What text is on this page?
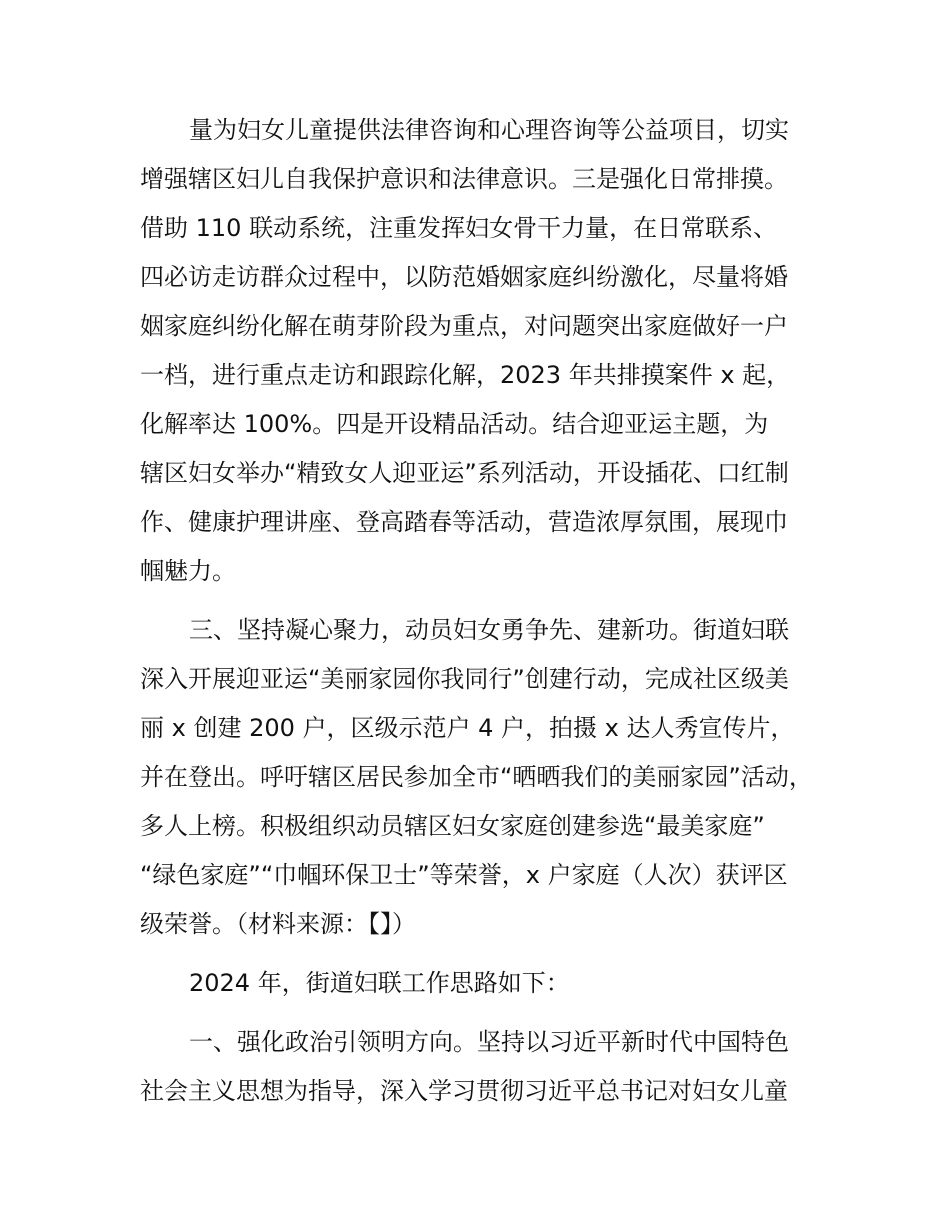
量为妇女儿童提供法律咨询和心理咨询等公益项目，切实
增强辖区妇儿自我保护意识和法律意识。三是强化日常排摸。
借助 110 联动系统，注重发挥妇女骨干力量，在日常联系、
四必访走访群众过程中，以防范婚姻家庭纠纷激化，尽量将婚
姻家庭纠纷化解在萌芽阶段为重点，对问题突出家庭做好一户
一档，进行重点走访和跟踪化解，2023 年共排摸案件 x 起，
化解率达 100%。四是开设精品活动。结合迎亚运主题，为
辖区妇女举办“精致女人迎亚运”系列活动，开设插花、口红制
作、健康护理讲座、登高踏春等活动，营造浓厚氛围，展现巾
帼魅力。

三、坚持凝心聚力，动员妇女勇争先、建新功。街道妇联
深入开展迎亚运“美丽家园你我同行”创建行动，完成社区级美
丽 x 创建 200 户，区级示范户 4 户，拍摄 x 达人秀宣传片，
并在登出。呼吁辖区居民参加全市“晒晒我们的美丽家园”活动，
多人上榜。积极组织动员辖区妇女家庭创建参选“最美家庭”
“绿色家庭”“巾帼环保卫士”等荣誉，x 户家庭（人次）获评区
级荣誉。（材料来源：【】）

2024 年，街道妇联工作思路如下：

一、强化政治引领明方向。坚持以习近平新时代中国特色
社会主义思想为指导，深入学习贯彻习近平总书记对妇女儿童
